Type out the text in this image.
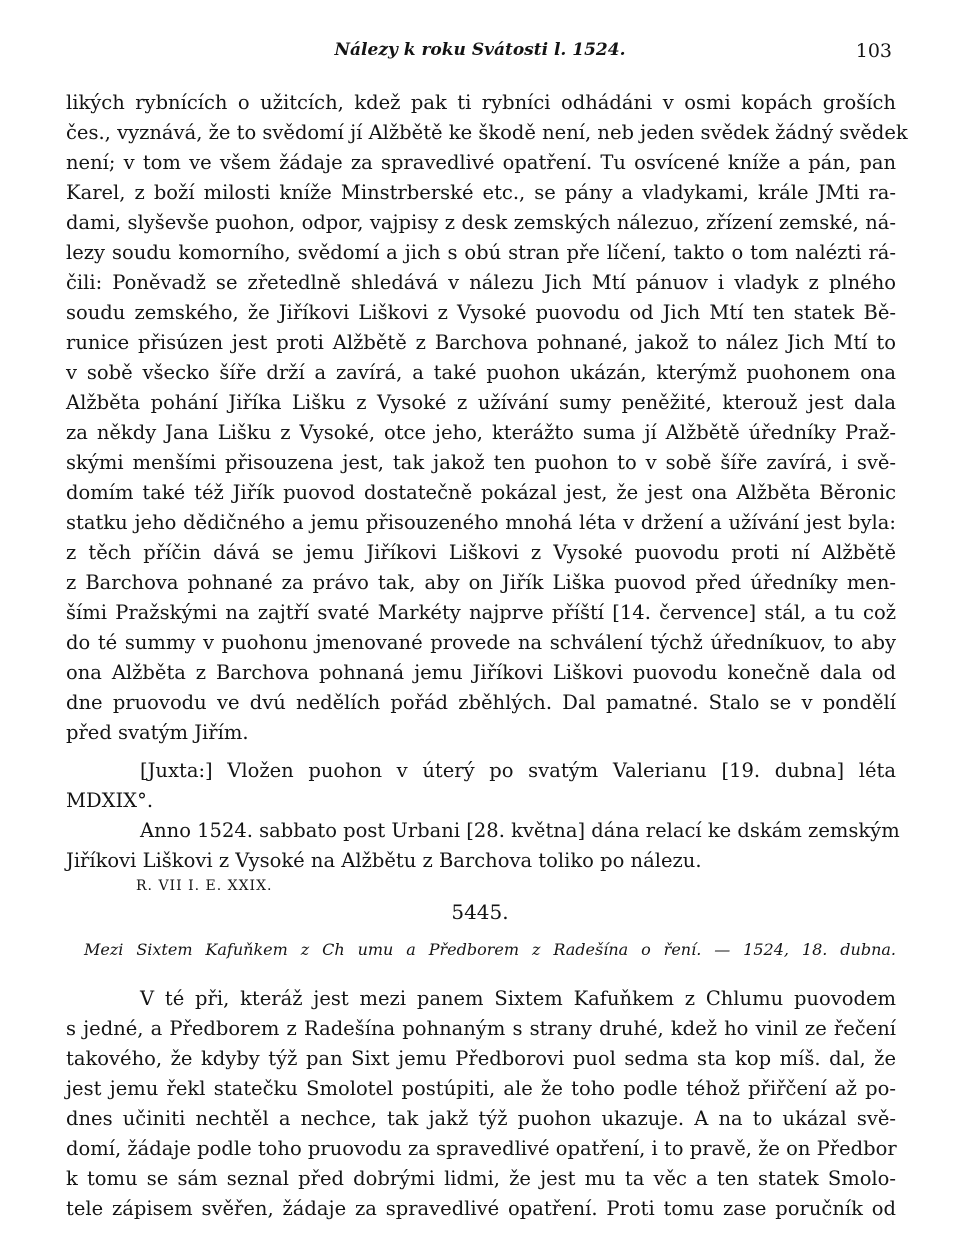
Nálezy k roku Svátosti l. 1524.	103
likých rybnících o užitcích, kdež pak ti rybníci odhádáni v osmi kopách groších
čes., vyznává, že to svědomí jí Alžbětě ke škodě není, neb jeden svědek žádný svědek
není; v tom ve všem žádaje za spravedlivé opatření. Tu osvícené kníže a pán, pan
Karel, z boží milosti kníže Minstrberské etc., se pány a vladykami, krále JMti ra-
dami, slyševše puohon, odpor, vajpisy z desk zemských nálezuo, zřízení zemské, ná-
lezy soudu komorního, svědomí a jich s obú stran pře líčení, takto o tom nalézti rá-
čili: Poněvadž se zřetedlně shledává v nálezu Jich Mtí pánuov i vladyk z plného
soudu zemského, že Jiříkovi Liškovi z Vysoké puovodu od Jich Mtí ten statek Bě-
runice přisúzen jest proti Alžbětě z Barchova pohnané, jakož to nález Jich Mtí to
v sobě všecko šíře drží a zavírá, a také puohon ukázán, kterýmž puohonem ona
Alžběta pohání Jiříka Lišku z Vysoké z užívání sumy peněžité, kterouž jest dala
za někdy Jana Lišku z Vysoké, otce jeho, kterážto suma jí Alžbětě úředníky Praž-
skými menšími přisouzena jest, tak jakož ten puohon to v sobě šíře zavírá, i svě-
domím také též Jiřík puovod dostatečně pokázal jest, že jest ona Alžběta Běronic
statku jeho dědičného a jemu přisouzeného mnohá léta v držení a užívání jest byla:
z těch příčin dává se jemu Jiříkovi Liškovi z Vysoké puovodu proti ní Alžbětě
z Barchova pohnané za právo tak, aby on Jiřík Liška puovod před úředníky men-
šími Pražskými na zajtří svaté Markéty najprve příští [14. července] stál, a tu což
do té summy v puohonu jmenované provede na schválení týchž úředníkuov, to aby
ona Alžběta z Barchova pohnaná jemu Jiříkovi Liškovi puovodu konečně dala od
dne pruovodu ve dvú nedělích pořád zběhlých. Dal pamatné. Stalo se v pondělí
před svatým Jiřím.
[Juxta:] Vložen puohon v úterý po svatým Valerianu [19. dubna] léta
MDXIX°.
Anno 1524. sabbato post Urbani [28. května] dána relací ke dskám zemským
Jiříkovi Liškovi z Vysoké na Alžbětu z Barchova toliko po nálezu.
R. VII I. E. XXIX.
5445.
Mezi Sixtem Kafuňkem z Ch umu a Předborem z Radešína o ření. — 1524, 18. dubna.
V té při, kteráž jest mezi panem Sixtem Kafuňkem z Chlumu puovodem
s jedné, a Předborem z Radešína pohnaným s strany druhé, kdež ho vinil ze řečení
takového, že kdyby týž pan Sixt jemu Předborovi puol sedma sta kop míš. dal, že
jest jemu řekl statečku Smolotel postúpiti, ale že toho podle téhož přiřčení až po-
dnes učiniti nechtěl a nechce, tak jakž týž puohon ukazuje. A na to ukázal svě-
domí, žádaje podle toho pruovodu za spravedlivé opatření, i to pravě, že on Předbor
k tomu se sám seznal před dobrými lidmi, že jest mu ta věc a ten statek Smolo-
tele zápisem svěřen, žádaje za spravedlivé opatření. Proti tomu zase poručník od
